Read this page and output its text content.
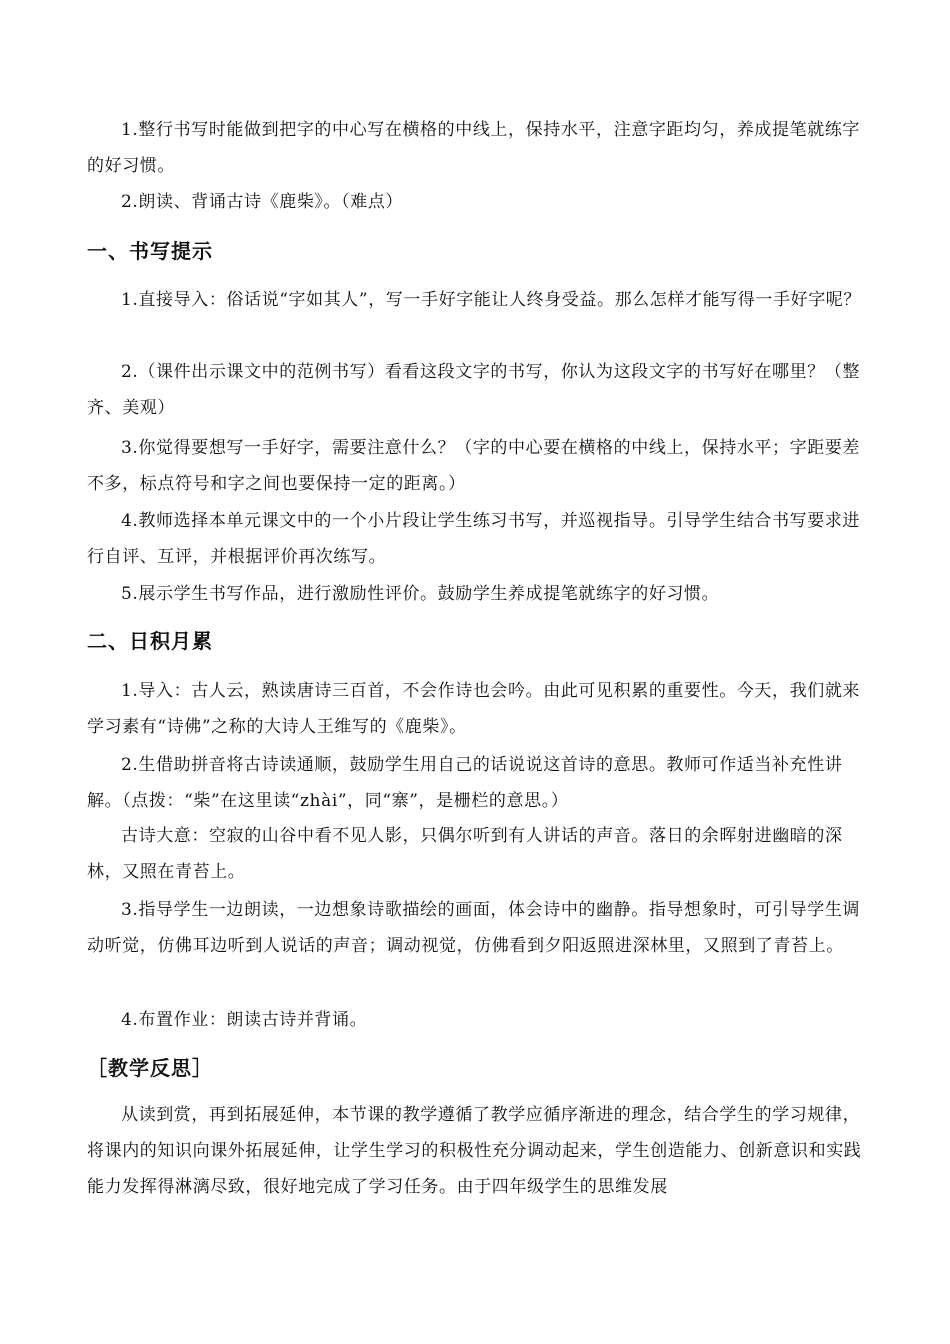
1.整行书写时能做到把字的中心写在横格的中线上，保持水平，注意字距均匀，养成提笔就练字的好习惯。

2.朗读、背诵古诗《鹿柴》。（难点）

一、书写提示

1.直接导入：俗话说“字如其人”，写一手好字能让人终身受益。那么怎样才能写得一手好字呢？

2.（课件出示课文中的范例书写）看看这段文字的书写，你认为这段文字的书写好在哪里？（整齐、美观）

3.你觉得要想写一手好字，需要注意什么？（字的中心要在横格的中线上，保持水平；字距要差不多，标点符号和字之间也要保持一定的距离。）

4.教师选择本单元课文中的一个小片段让学生练习书写，并巡视指导。引导学生结合书写要求进行自评、互评，并根据评价再次练写。

5.展示学生书写作品，进行激励性评价。鼓励学生养成提笔就练字的好习惯。

二、日积月累

1.导入：古人云，熟读唐诗三百首，不会作诗也会吟。由此可见积累的重要性。今天，我们就来学习素有“诗佛”之称的大诗人王维写的《鹿柴》。

2.生借助拼音将古诗读通顺，鼓励学生用自己的话说说这首诗的意思。教师可作适当补充性讲解。（点拨：“柴”在这里读“zhài”，同“寨”，是栅栏的意思。）

古诗大意：空寂的山谷中看不见人影，只偶尔听到有人讲话的声音。落日的余晖射进幽暗的深林，又照在青苔上。

3.指导学生一边朗读，一边想象诗歌描绘的画面，体会诗中的幽静。指导想象时，可引导学生调动听觉，仿佛耳边听到人说话的声音；调动视觉，仿佛看到夕阳返照进深林里，又照到了青苔上。

4.布置作业：朗读古诗并背诵。

［教学反思］

从读到赏，再到拓展延伸，本节课的教学遵循了教学应循序渐进的理念，结合学生的学习规律，将课内的知识向课外拓展延伸，让学生学习的积极性充分调动起来，学生创造能力、创新意识和实践能力发挥得淋漓尽致，很好地完成了学习任务。由于四年级学生的思维发展
